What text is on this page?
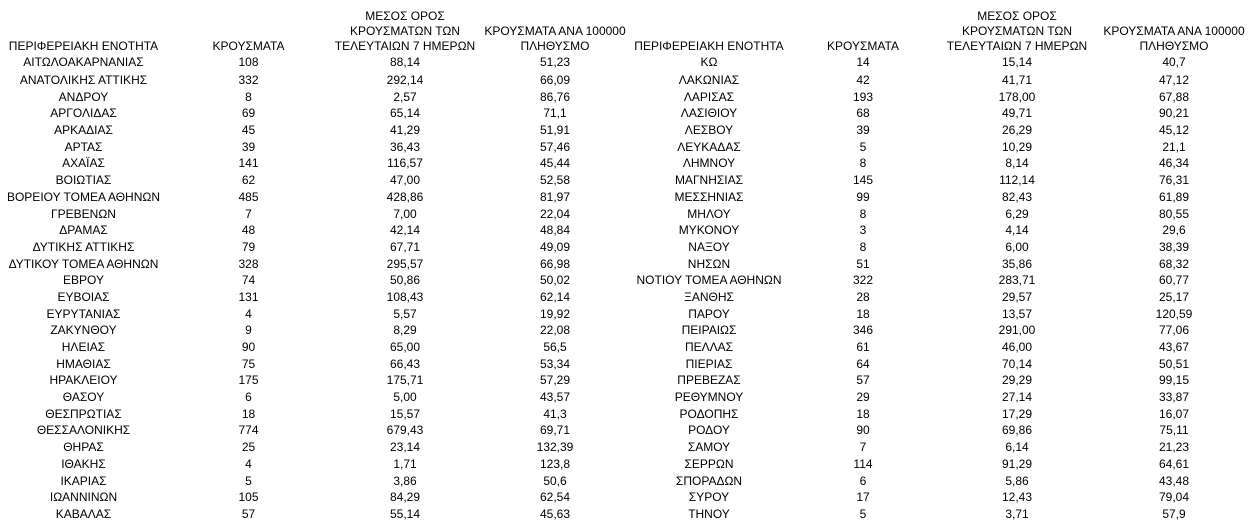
ΠΕΡΙΦΕΡΕΙΑΚΗ ΕΝΟΤΗΤΑ	ΚΡΟΥΣΜΑΤΑ	ΜΕΣΟΣ ΟΡΟΣ ΚΡΟΥΣΜΑΤΩΝ ΤΩΝ ΤΕΛΕΥΤΑΙΩΝ 7 ΗΜΕΡΩΝ	ΚΡΟΥΣΜΑΤΑ ΑΝΑ 100000 ΠΛΗΘΥΣΜΟ	ΠΕΡΙΦΕΡΕΙΑΚΗ ΕΝΟΤΗΤΑ	ΚΡΟΥΣΜΑΤΑ	ΜΕΣΟΣ ΟΡΟΣ ΚΡΟΥΣΜΑΤΩΝ ΤΩΝ ΤΕΛΕΥΤΑΙΩΝ 7 ΗΜΕΡΩΝ	ΚΡΟΥΣΜΑΤΑ ΑΝΑ 100000 ΠΛΗΘΥΣΜΟ
ΑΙΤΩΛΟΑΚΑΡΝΑΝΙΑΣ	108	88,14	51,23	ΚΩ	14	15,14	40,7
ΑΝΑΤΟΛΙΚΗΣ ΑΤΤΙΚΗΣ	332	292,14	66,09	ΛΑΚΩΝΙΑΣ	42	41,71	47,12
ΑΝΔΡΟΥ	8	2,57	86,76	ΛΑΡΙΣΑΣ	193	178,00	67,88
ΑΡΓΟΛΙΔΑΣ	69	65,14	71,1	ΛΑΣΙΘΙΟΥ	68	49,71	90,21
ΑΡΚΑΔΙΑΣ	45	41,29	51,91	ΛΕΣΒΟΥ	39	26,29	45,12
ΑΡΤΑΣ	39	36,43	57,46	ΛΕΥΚΑΔΑΣ	5	10,29	21,1
ΑΧΑΪΑΣ	141	116,57	45,44	ΛΗΜΝΟΥ	8	8,14	46,34
ΒΟΙΩΤΙΑΣ	62	47,00	52,58	ΜΑΓΝΗΣΙΑΣ	145	112,14	76,31
ΒΟΡΕΙΟΥ ΤΟΜΕΑ ΑΘΗΝΩΝ	485	428,86	81,97	ΜΕΣΣΗΝΙΑΣ	99	82,43	61,89
ΓΡΕΒΕΝΩΝ	7	7,00	22,04	ΜΗΛΟΥ	8	6,29	80,55
ΔΡΑΜΑΣ	48	42,14	48,84	ΜΥΚΟΝΟΥ	3	4,14	29,6
ΔΥΤΙΚΗΣ ΑΤΤΙΚΗΣ	79	67,71	49,09	ΝΑΞΟΥ	8	6,00	38,39
ΔΥΤΙΚΟΥ ΤΟΜΕΑ ΑΘΗΝΩΝ	328	295,57	66,98	ΝΗΣΩΝ	51	35,86	68,32
ΕΒΡΟΥ	74	50,86	50,02	ΝΟΤΙΟΥ ΤΟΜΕΑ ΑΘΗΝΩΝ	322	283,71	60,77
ΕΥΒΟΙΑΣ	131	108,43	62,14	ΞΑΝΘΗΣ	28	29,57	25,17
ΕΥΡΥΤΑΝΙΑΣ	4	5,57	19,92	ΠΑΡΟΥ	18	13,57	120,59
ΖΑΚΥΝΘΟΥ	9	8,29	22,08	ΠΕΙΡΑΙΩΣ	346	291,00	77,06
ΗΛΕΙΑΣ	90	65,00	56,5	ΠΕΛΛΑΣ	61	46,00	43,67
ΗΜΑΘΙΑΣ	75	66,43	53,34	ΠΙΕΡΙΑΣ	64	70,14	50,51
ΗΡΑΚΛΕΙΟΥ	175	175,71	57,29	ΠΡΕΒΕΖΑΣ	57	29,29	99,15
ΘΑΣΟΥ	6	5,00	43,57	ΡΕΘΥΜΝΟΥ	29	27,14	33,87
ΘΕΣΠΡΩΤΙΑΣ	18	15,57	41,3	ΡΟΔΟΠΗΣ	18	17,29	16,07
ΘΕΣΣΑΛΟΝΙΚΗΣ	774	679,43	69,71	ΡΟΔΟΥ	90	69,86	75,11
ΘΗΡΑΣ	25	23,14	132,39	ΣΑΜΟΥ	7	6,14	21,23
ΙΘΑΚΗΣ	4	1,71	123,8	ΣΕΡΡΩΝ	114	91,29	64,61
ΙΚΑΡΙΑΣ	5	3,86	50,6	ΣΠΟΡΑΔΩΝ	6	5,86	43,48
ΙΩΑΝΝΙΝΩΝ	105	84,29	62,54	ΣΥΡΟΥ	17	12,43	79,04
ΚΑΒΑΛΑΣ	57	55,14	45,63	ΤΗΝΟΥ	5	3,71	57,9
